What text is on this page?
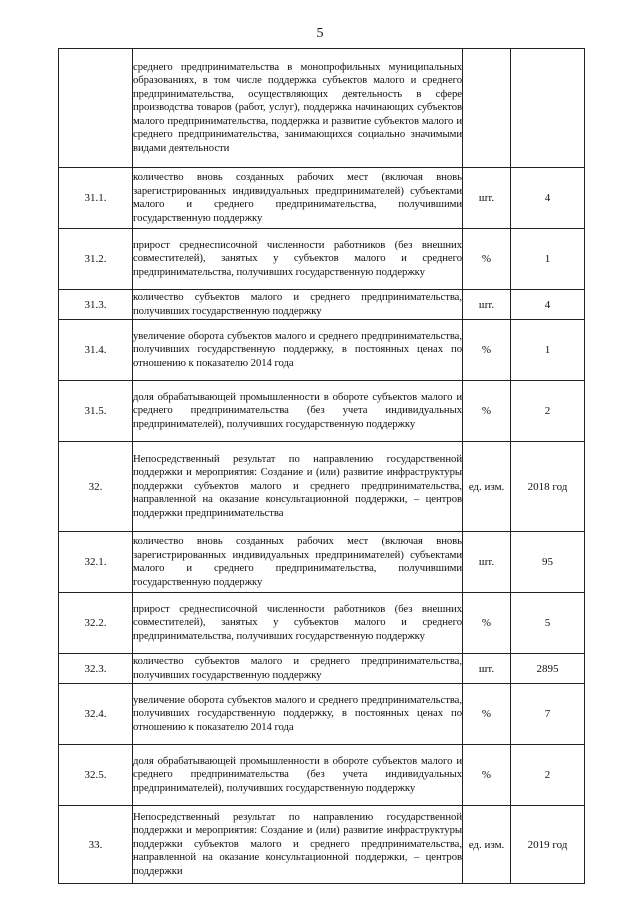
5
	среднего предпринимательства в монопрофильных муниципальных образованиях, в том числе поддержка субъектов малого и среднего предпринимательства, осуществляющих деятельность в сфере производства товаров (работ, услуг), поддержка начинающих субъектов малого предпринимательства, поддержка и развитие субъектов малого и среднего предпринимательства, занимающихся социально значимыми видами деятельности		
31.1.	количество вновь созданных рабочих мест (включая вновь зарегистрированных индивидуальных предпринимателей) субъектами малого и среднего предпринимательства, получившими государственную поддержку	шт.	4
31.2.	прирост среднесписочной численности работников (без внешних совместителей), занятых у субъектов малого и среднего предпринимательства, получивших государственную поддержку	%	1
31.3.	количество субъектов малого и среднего предпринимательства, получивших государственную поддержку	шт.	4
31.4.	увеличение оборота субъектов малого и среднего предпринимательства, получивших государственную поддержку, в постоянных ценах по отношению к показателю 2014 года	%	1
31.5.	доля обрабатывающей промышленности в обороте субъектов малого и среднего предпринимательства (без учета индивидуальных предпринимателей), получивших государственную поддержку	%	2
32.	Непосредственный результат по направлению государственной поддержки и мероприятия: Создание и (или) развитие инфраструктуры поддержки субъектов малого и среднего предпринимательства, направленной на оказание консультационной поддержки, – центров поддержки предпринимательства	ед. изм.	2018 год
32.1.	количество вновь созданных рабочих мест (включая вновь зарегистрированных индивидуальных предпринимателей) субъектами малого и среднего предпринимательства, получившими государственную поддержку	шт.	95
32.2.	прирост среднесписочной численности работников (без внешних совместителей), занятых у субъектов малого и среднего предпринимательства, получивших государственную поддержку	%	5
32.3.	количество субъектов малого и среднего предпринимательства, получивших государственную поддержку	шт.	2895
32.4.	увеличение оборота субъектов малого и среднего предпринимательства, получивших государственную поддержку, в постоянных ценах по отношению к показателю 2014 года	%	7
32.5.	доля обрабатывающей промышленности в обороте субъектов малого и среднего предпринимательства (без учета индивидуальных предпринимателей), получивших государственную поддержку	%	2
33.	Непосредственный результат по направлению государственной поддержки и мероприятия: Создание и (или) развитие инфраструктуры поддержки субъектов малого и среднего предпринимательства, направленной на оказание консультационной поддержки, – центров поддержки	ед. изм.	2019 год
